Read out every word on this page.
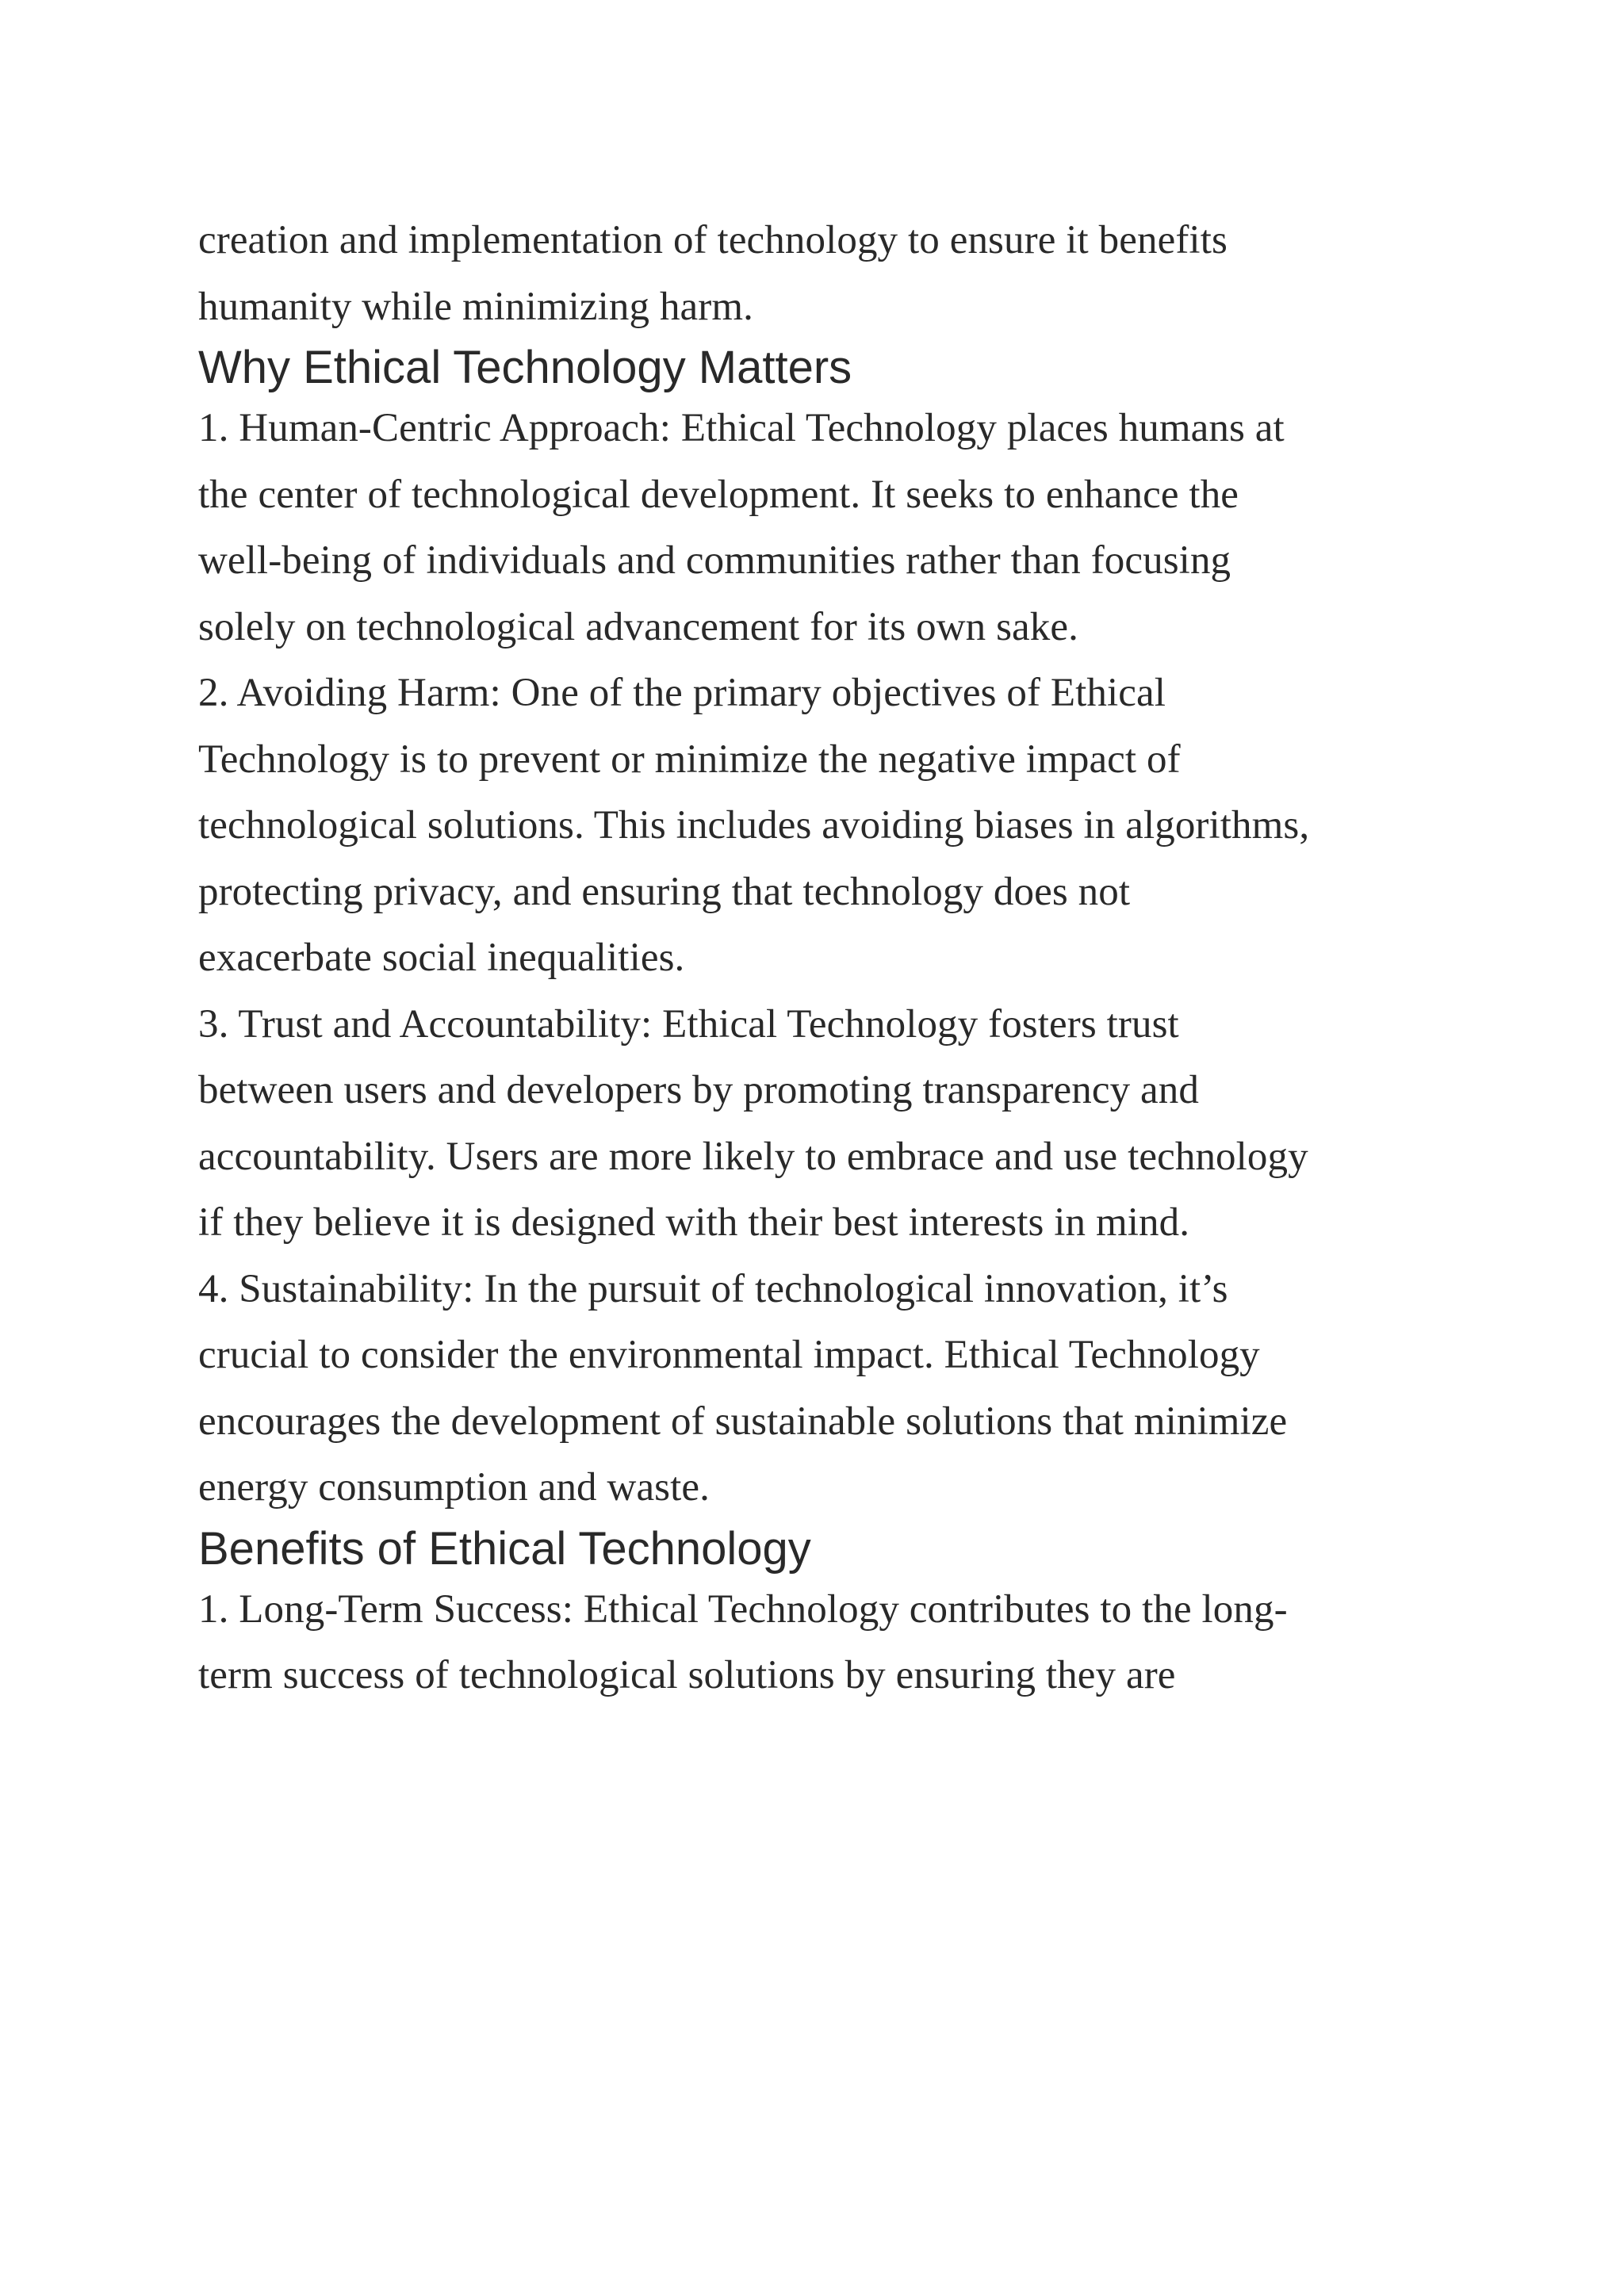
creation and implementation of technology to ensure it benefits
humanity while minimizing harm.

Why Ethical Technology Matters

1. Human-Centric Approach: Ethical Technology places humans at
the center of technological development. It seeks to enhance the
well-being of individuals and communities rather than focusing
solely on technological advancement for its own sake.

2. Avoiding Harm: One of the primary objectives of Ethical
Technology is to prevent or minimize the negative impact of
technological solutions. This includes avoiding biases in algorithms,
protecting privacy, and ensuring that technology does not
exacerbate social inequalities.

3. Trust and Accountability: Ethical Technology fosters trust
between users and developers by promoting transparency and
accountability. Users are more likely to embrace and use technology
if they believe it is designed with their best interests in mind.

4. Sustainability: In the pursuit of technological innovation, it’s
crucial to consider the environmental impact. Ethical Technology
encourages the development of sustainable solutions that minimize
energy consumption and waste.

Benefits of Ethical Technology

1. Long-Term Success: Ethical Technology contributes to the long-
term success of technological solutions by ensuring they are
